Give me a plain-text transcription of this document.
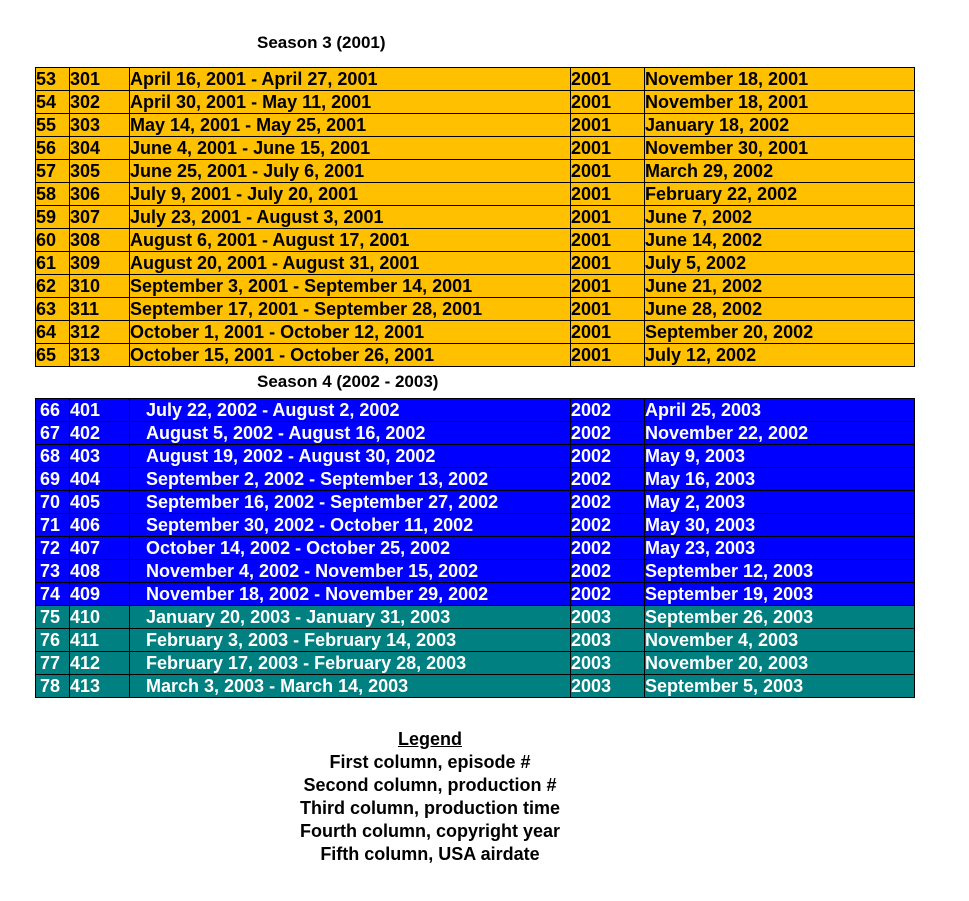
Season 3 (2001)
53	301	April 16, 2001 - April 27, 2001	2001	November 18, 2001
54	302	April 30, 2001 - May 11, 2001	2001	November 18, 2001
55	303	May 14, 2001 - May 25, 2001	2001	January 18, 2002
56	304	June 4, 2001 - June 15, 2001	2001	November 30, 2001
57	305	June 25, 2001 - July 6, 2001	2001	March 29, 2002
58	306	July 9, 2001 - July 20, 2001	2001	February 22, 2002
59	307	July 23, 2001 - August 3, 2001	2001	June 7, 2002
60	308	August 6, 2001 - August 17, 2001	2001	June 14, 2002
61	309	August 20, 2001 - August 31, 2001	2001	July 5, 2002
62	310	September 3, 2001 - September 14, 2001	2001	June 21, 2002
63	311	September 17, 2001 - September 28, 2001	2001	June 28, 2002
64	312	October 1, 2001 - October 12, 2001	2001	September 20, 2002
65	313	October 15, 2001 - October 26, 2001	2001	July 12, 2002
Season 4 (2002 - 2003)
66	401	July 22, 2002 - August 2, 2002	2002	April 25, 2003
67	402	August 5, 2002 - August 16, 2002	2002	November 22, 2002
68	403	August 19, 2002 - August 30, 2002	2002	May 9, 2003
69	404	September 2, 2002 - September 13, 2002	2002	May 16, 2003
70	405	September 16, 2002 - September 27, 2002	2002	May 2, 2003
71	406	September 30, 2002 - October 11, 2002	2002	May 30, 2003
72	407	October 14, 2002 - October 25, 2002	2002	May 23, 2003
73	408	November 4, 2002 - November 15, 2002	2002	September 12, 2003
74	409	November 18, 2002 - November 29, 2002	2002	September 19, 2003
75	410	January 20, 2003 - January 31, 2003	2003	September 26, 2003
76	411	February 3, 2003 - February 14, 2003	2003	November 4, 2003
77	412	February 17, 2003 - February 28, 2003	2003	November 20, 2003
78	413	March 3, 2003 - March 14, 2003	2003	September 5, 2003
Legend
First column, episode #
Second column, production #
Third column, production time
Fourth column, copyright year
Fifth column, USA airdate
